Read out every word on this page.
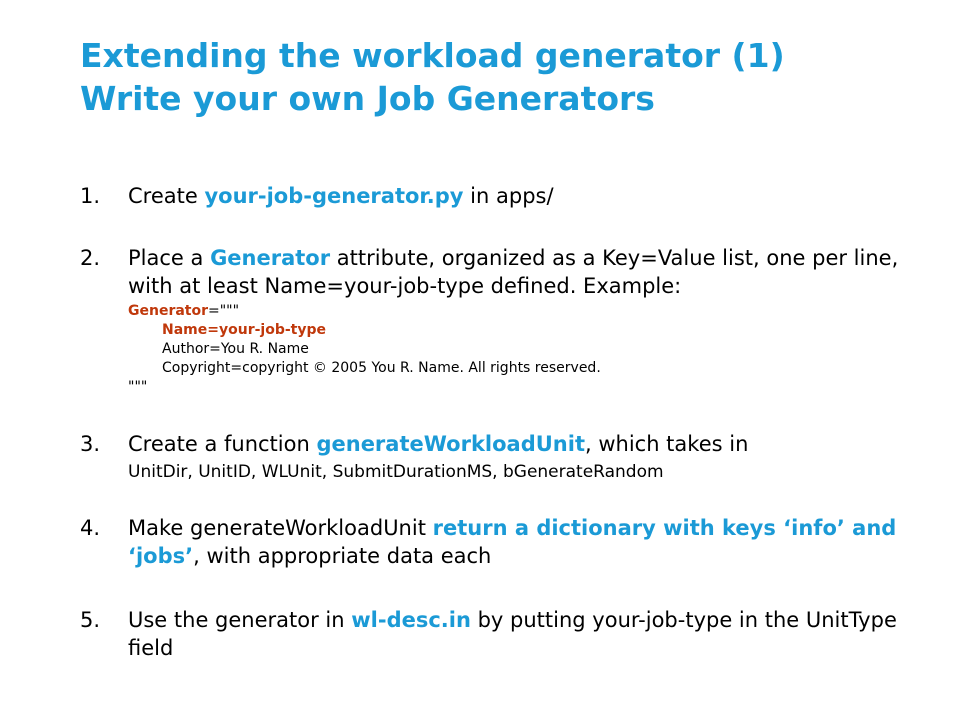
Extending the workload generator (1)
Write your own Job Generators
1. Create your-job-generator.py in apps/
2. Place a Generator attribute, organized as a Key=Value list, one per line, with at least Name=your-job-type defined. Example:
Generator="""
Name=your-job-type
Author=You R. Name
Copyright=copyright © 2005 You R. Name. All rights reserved.
"""
3. Create a function generateWorkloadUnit, which takes in
UnitDir, UnitID, WLUnit, SubmitDurationMS, bGenerateRandom
4. Make generateWorkloadUnit return a dictionary with keys ‘info’ and ‘jobs’, with appropriate data each
5. Use the generator in wl-desc.in by putting your-job-type in the UnitType field
